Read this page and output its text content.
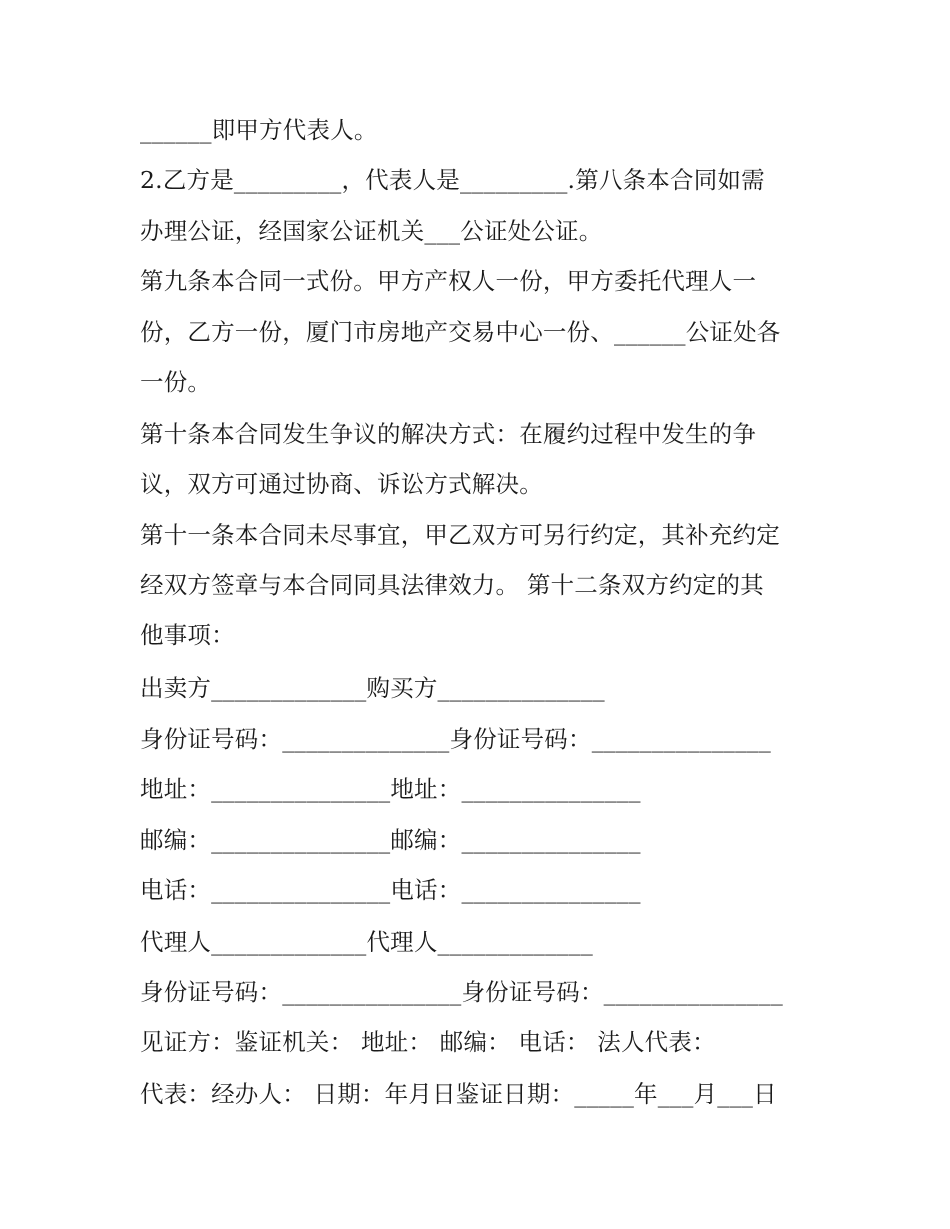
______即甲方代表人。
2.乙方是_________，代表人是_________.第八条本合同如需
办理公证，经国家公证机关___公证处公证。
第九条本合同一式份。甲方产权人一份，甲方委托代理人一
份，乙方一份，厦门市房地产交易中心一份、______公证处各
一份。
第十条本合同发生争议的解决方式：在履约过程中发生的争
议，双方可通过协商、诉讼方式解决。
第十一条本合同未尽事宜，甲乙双方可另行约定，其补充约定
经双方签章与本合同同具法律效力。 第十二条双方约定的其
他事项：
出卖方_____________购买方______________
身份证号码：______________身份证号码：_______________
地址：_______________地址：_______________
邮编：_______________邮编：_______________
电话：_______________电话：_______________
代理人_____________代理人_____________
身份证号码：_______________身份证号码：_______________
见证方：鉴证机关： 地址： 邮编： 电话： 法人代表：
代表：经办人： 日期：年月日鉴证日期：_____年___月___日
